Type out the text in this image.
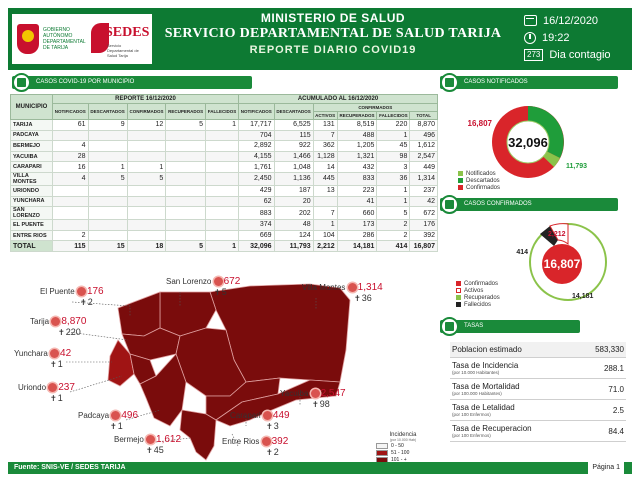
GOBIERNO AUTÓNOMO DEPARTAMENTAL DE TARIJA
SEDES
Servicio Departamental de Salud Tarija
MINISTERIO DE SALUD
SERVICIO DEPARTAMENTAL DE SALUD TARIJA
REPORTE DIARIO COVID19
16/12/2020
19:22
273 Dia contagio
CASOS COVID-19 POR MUNICIPIO
MUNICIPIO	REPORTE 16/12/2020					ACUMULADO AL 16/12/2020					
	NOTIFICADOS	DESCARTADOS	CONFIRMADOS	RECUPERADOS	FALLECIDOS	NOTIFICADOS	DESCARTADOS	CONFIRMADOS			
								ACTIVOS	RECUPERADOS	FALLECIDOS	TOTAL
TARIJA	61	9	12	5	1	17,717	6,525	131	8,519	220	8,870
PADCAYA						704	115	7	488	1	496
BERMEJO	4					2,892	922	362	1,205	45	1,612
YACUIBA	28					4,155	1,466	1,128	1,321	98	2,547
CARAPARI	16	1	1			1,761	1,048	14	432	3	449
VILLA MONTES	4	5	5			2,450	1,136	445	833	36	1,314
URIONDO						429	187	13	223	1	237
YUNCHARA						62	20		41	1	42
SAN LORENZO						883	202	7	660	5	672
EL PUENTE						374	48	1	173	2	176
ENTRE RIOS	2					669	124	104	286	2	392
TOTAL	115	15	18	5	1	32,096	11,793	2,212	14,181	414	16,807
El Puente 176
✝2
San Lorenzo 672
✝5	Villa Montes 1,314
✝36
Tarija 8,870
✝220
Yunchara 42
✝1
Uriondo 237
✝1	Yacuiba 2,547
✝98
Carapari 449
✝3
Padcaya 496
✝1
Bermejo 1,612
✝45
Entre Rios 392
✝2
Incidencia
(por 10.000 Hab)
0 - 50
51 - 100
101 - +
Fuente: SNIS-VE / SEDES TARIJA	Página 1
CASOS NOTIFICADOS
32,096
16,807
11,793
Notificados
Descartados
Confirmados
CASOS CONFIRMADOS
16,807
2,212
414
14,181
Confirmados
Activos
Recuperados
Fallecidos
TASAS
Poblacion estimado	583,330
Tasa de Incidencia
(por 10.000 Habitantes)	288.1
Tasa de Mortalidad
(por 100.000 Habitantes)	71.0
Tasa de Letalidad
(por 100 Enfermos)	2.5
Tasa de Recuperacion
(por 100 Enfermos)	84.4
